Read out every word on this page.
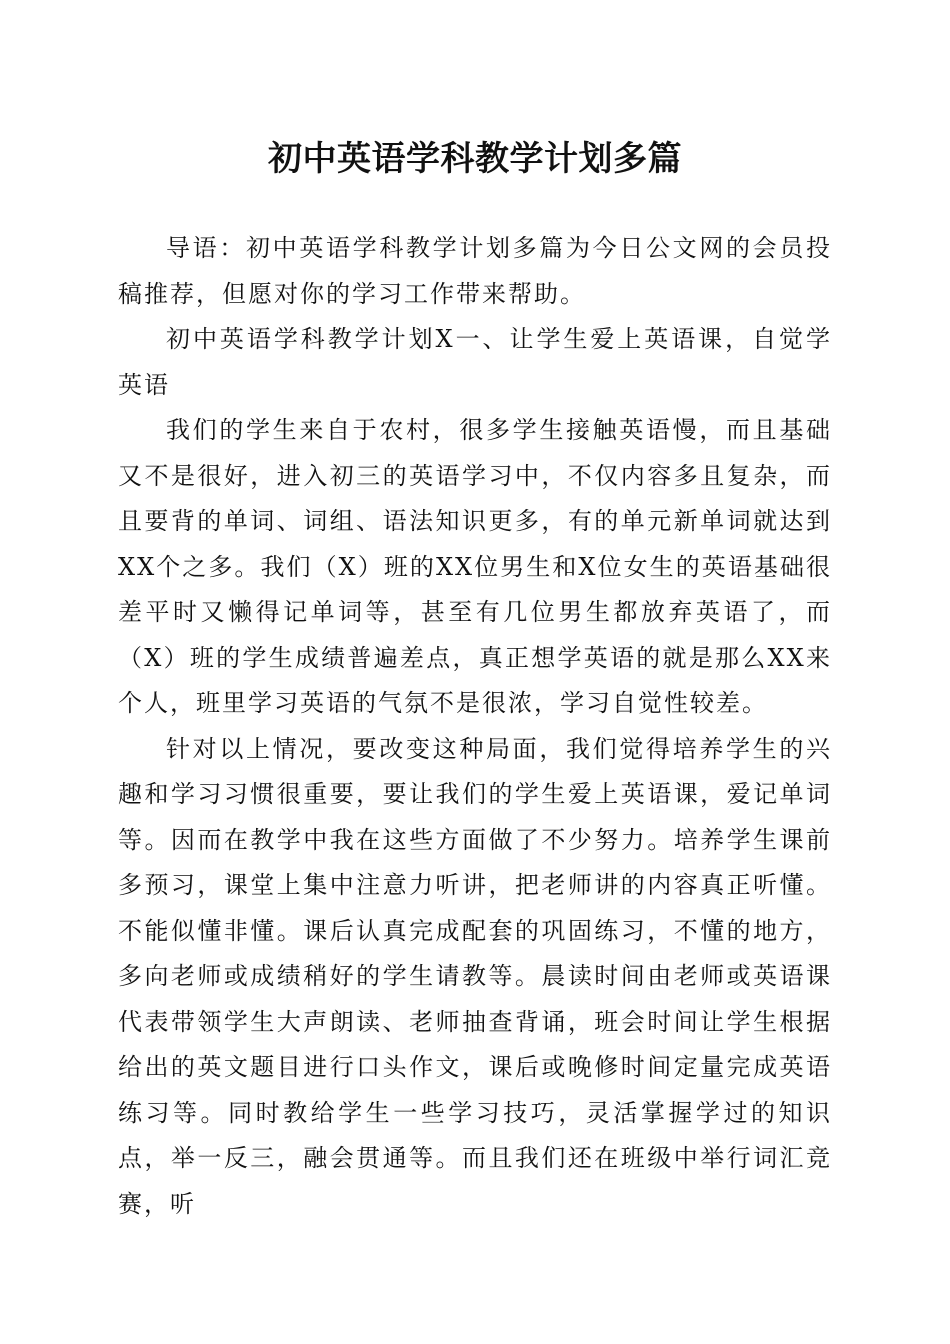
初中英语学科教学计划多篇

导语：初中英语学科教学计划多篇为今日公文网的会员投稿推荐，但愿对你的学习工作带来帮助。

初中英语学科教学计划X一、让学生爱上英语课，自觉学英语

我们的学生来自于农村，很多学生接触英语慢，而且基础又不是很好，进入初三的英语学习中，不仅内容多且复杂，而且要背的单词、词组、语法知识更多，有的单元新单词就达到XX个之多。我们（X）班的XX位男生和X位女生的英语基础很差平时又懒得记单词等，甚至有几位男生都放弃英语了，而（X）班的学生成绩普遍差点，真正想学英语的就是那么XX来个人，班里学习英语的气氛不是很浓，学习自觉性较差。

针对以上情况，要改变这种局面，我们觉得培养学生的兴趣和学习习惯很重要，要让我们的学生爱上英语课，爱记单词等。因而在教学中我在这些方面做了不少努力。培养学生课前多预习，课堂上集中注意力听讲，把老师讲的内容真正听懂。不能似懂非懂。课后认真完成配套的巩固练习，不懂的地方，多向老师或成绩稍好的学生请教等。晨读时间由老师或英语课代表带领学生大声朗读、老师抽查背诵，班会时间让学生根据给出的英文题目进行口头作文，课后或晚修时间定量完成英语练习等。同时教给学生一些学习技巧，灵活掌握学过的知识点，举一反三，融会贯通等。而且我们还在班级中举行词汇竞赛，听
